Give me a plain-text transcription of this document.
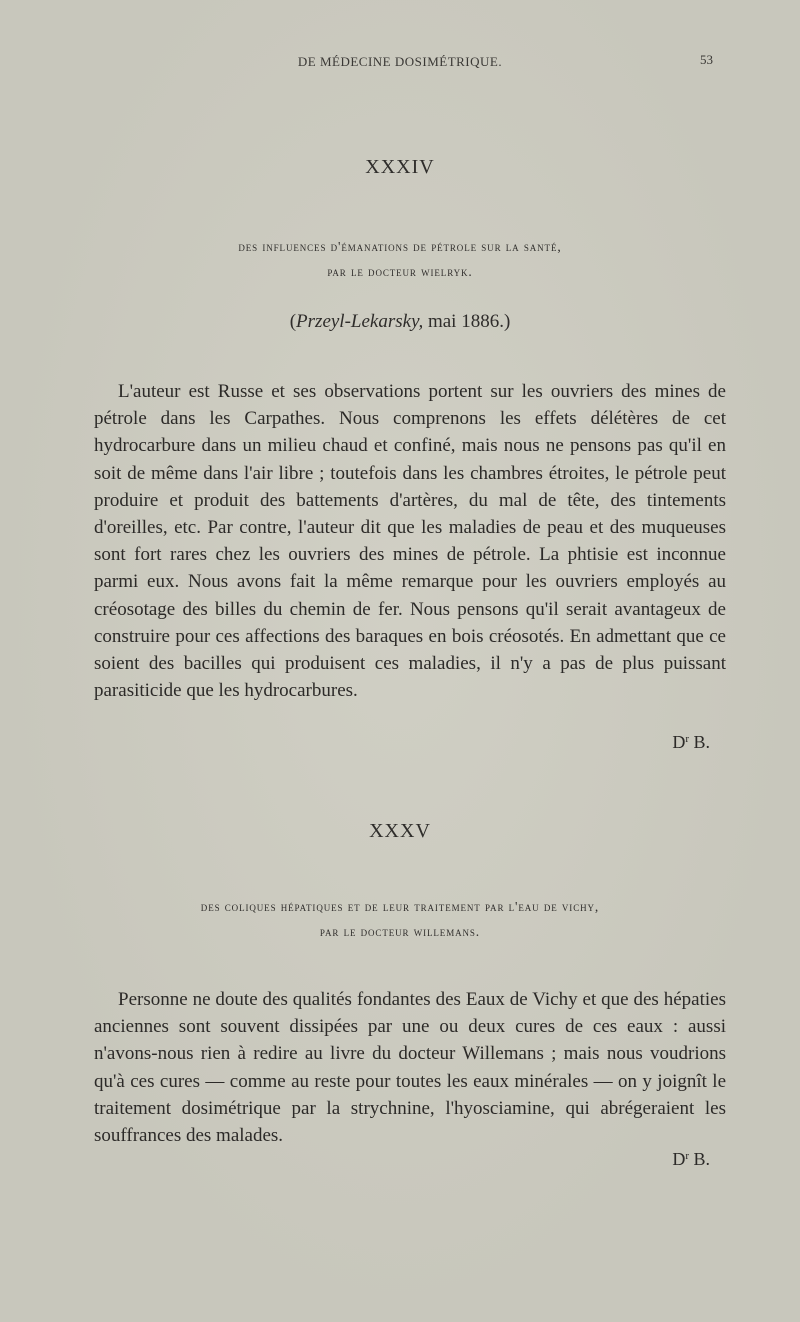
DE MÉDECINE DOSIMÉTRIQUE.	53
XXXIV
des influences d'émanations de pétrole sur la santé,
par le docteur wielryk.
(Przeyl-Lekarsky, mai 1886.)

L'auteur est Russe et ses observations portent sur les ouvriers des mines de pétrole dans les Carpathes. Nous comprenons les effets délétères de cet hydrocarbure dans un milieu chaud et confiné, mais nous ne pensons pas qu'il en soit de même dans l'air libre ; toutefois dans les chambres étroites, le pétrole peut produire et produit des battements d'artères, du mal de tête, des tintements d'oreilles, etc. Par contre, l'auteur dit que les maladies de peau et des muqueuses sont fort rares chez les ouvriers des mines de pétrole. La phtisie est inconnue parmi eux. Nous avons fait la même remarque pour les ouvriers employés au créosotage des billes du chemin de fer. Nous pensons qu'il serait avantageux de construire pour ces affections des baraques en bois créosotés. En admettant que ce soient des bacilles qui produisent ces maladies, il n'y a pas de plus puissant parasiticide que les hydrocarbures.

$D^r$ B.
XXXV
des coliques hépatiques et de leur traitement par l'eau de vichy,
par le docteur willemans.

Personne ne doute des qualités fondantes des Eaux de Vichy et que des hépaties anciennes sont souvent dissipées par une ou deux cures de ces eaux : aussi n'avons-nous rien à redire au livre du docteur Willemans ; mais nous voudrions qu'à ces cures — comme au reste pour toutes les eaux minérales — on y joignît le traitement dosimétrique par la strychnine, l'hyosciamine, qui abrégeraient les souffrances des malades.

$D^r$ B.
